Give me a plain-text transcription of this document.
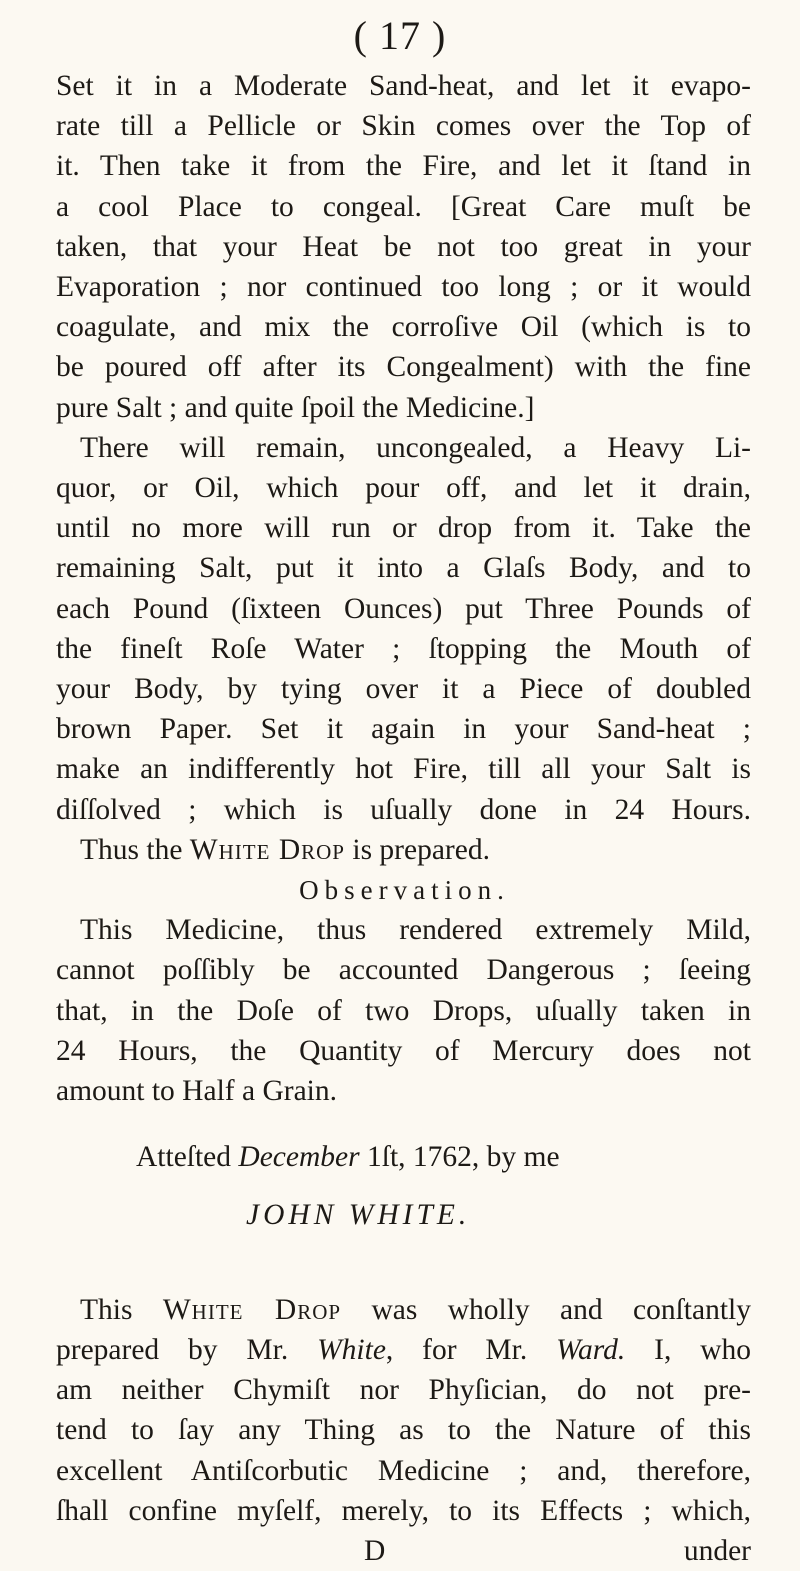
( 17 )
Set it in a Moderate Sand-heat, and let it evapo-
rate till a Pellicle or Skin comes over the Top of
it. Then take it from the Fire, and let it ſtand in
a cool Place to congeal. [Great Care muſt be
taken, that your Heat be not too great in your
Evaporation ; nor continued too long ; or it would
coagulate, and mix the corroſive Oil (which is to
be poured off after its Congealment) with the fine
pure Salt ; and quite ſpoil the Medicine.]
There will remain, uncongealed, a Heavy Li-
quor, or Oil, which pour off, and let it drain,
until no more will run or drop from it. Take the
remaining Salt, put it into a Glaſs Body, and to
each Pound (ſixteen Ounces) put Three Pounds of
the fineſt Roſe Water ; ſtopping the Mouth of
your Body, by tying over it a Piece of doubled
brown Paper. Set it again in your Sand-heat ;
make an indifferently hot Fire, till all your Salt is
diſſolved ; which is uſually done in 24 Hours.
Thus the White Drop is prepared.
Observation.
This Medicine, thus rendered extremely Mild,
cannot poſſibly be accounted Dangerous ; ſeeing
that, in the Doſe of two Drops, uſually taken in
24 Hours, the Quantity of Mercury does not
amount to Half a Grain.
Atteſted December 1ſt, 1762, by me
JOHN WHITE.
This White Drop was wholly and conſtantly
prepared by Mr. White, for Mr. Ward. I, who
am neither Chymiſt nor Phyſician, do not pre-
tend to ſay any Thing as to the Nature of this
excellent Antiſcorbutic Medicine ; and, therefore,
ſhall confine myſelf, merely, to its Effects ; which,
D	under
